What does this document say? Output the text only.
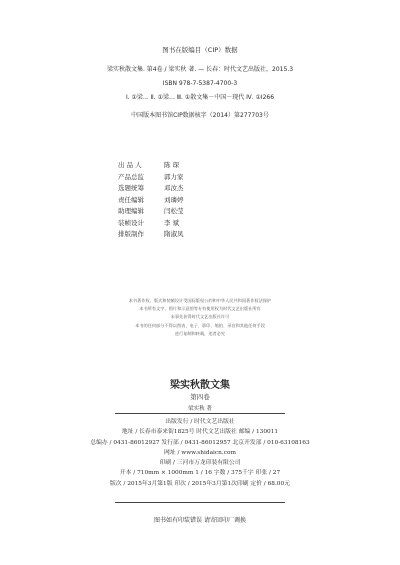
图书在版编目（CIP）数据
梁实秋散文集. 第4卷 / 梁实秋 著. — 长春：时代文艺出版社，2015.3
ISBN 978-7-5387-4700-3
Ⅰ. ①梁… Ⅱ. ①梁… Ⅲ. ①散文集－中国－现代 Ⅳ. ①I266
中国版本图书馆CIP数据核字（2014）第277703号
出 品 人	陈 琛
产品总监	郭力家
选题统筹	邓汝杰
责任编辑	刘璘婷
助理编辑	闫松莹
装帧设计	李 斌
排版制作	隋淑凤
本书著作权、版式和装帧设计受国际版权公约和中华人民共和国著作权法保护
本书所有文字、图片和示意图等专有使用权为时代文艺出版社所有
未事先获得时代文艺出版社许可
本书的任何部分不得以图表、电子、影印、缩拍、录音和其他任何手段
进行复制和转载，违者必究
梁实秋散文集
第四卷
梁实秋 著
出版发行 / 时代文艺出版社
地址 / 长春市泰来街1825号 时代文艺出版社 邮编 / 130011
总编办 / 0431-86012927 发行部 / 0431-86012957 北京开发部 / 010-63108163
网址 / www.shidaicn.com
印刷 / 三河市万龙印装有限公司
开本 / 710mm × 1000mm 1 / 16 字数 / 375千字 印张 / 27
版次 / 2015年3月第1版 印次 / 2015年3月第1次印刷 定价 / 68.00元
图书如有印装错误 请寄回印厂调换
